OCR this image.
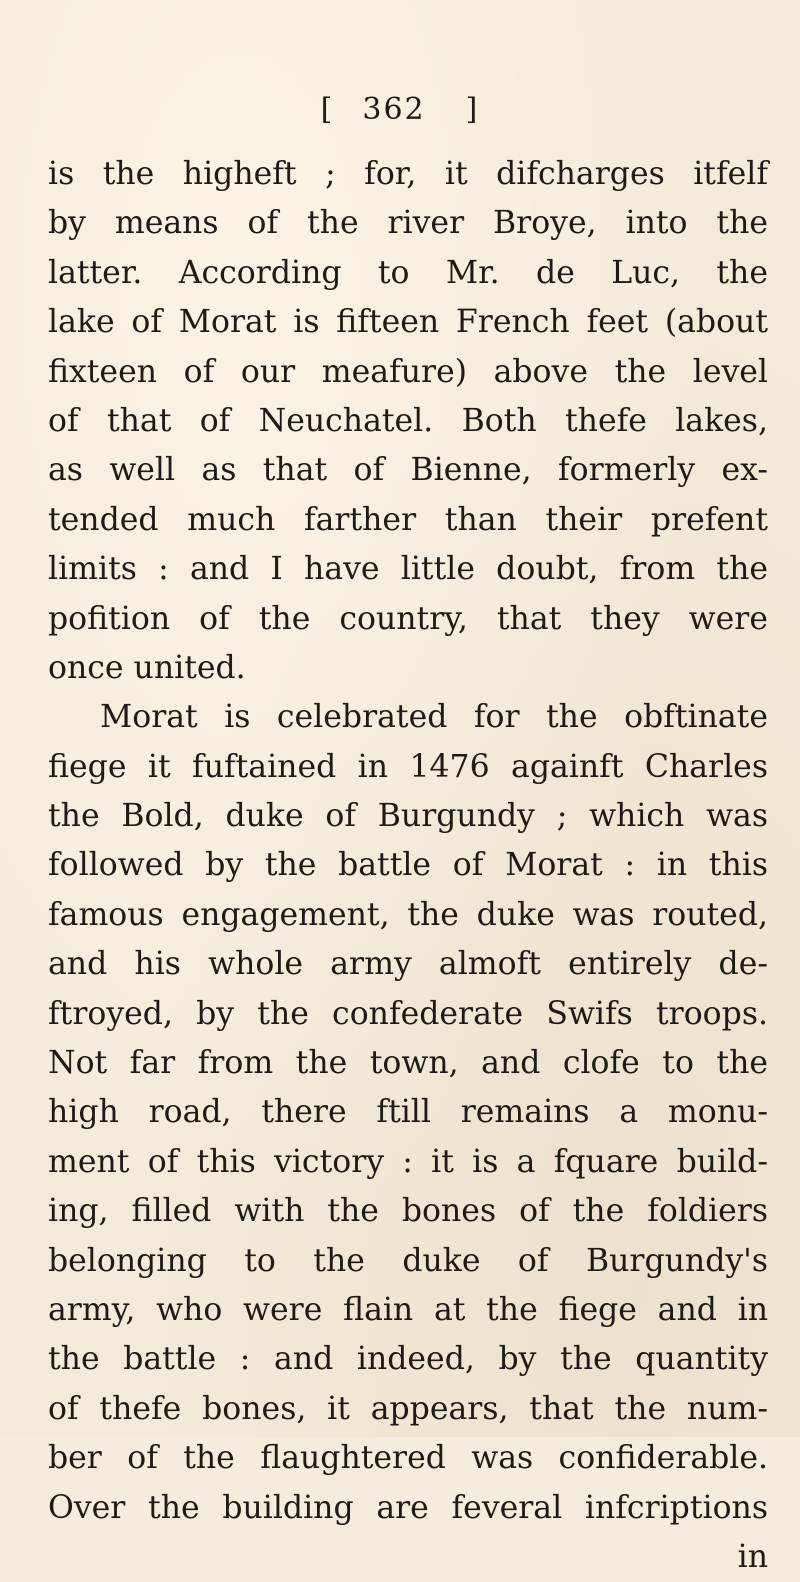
[ 362 ]
is the higheft ; for, it difcharges itfelf
by means of the river Broye, into the
latter. According to Mr. de Luc, the
lake of Morat is fifteen French feet (about
fixteen of our meafure) above the level
of that of Neuchatel. Both thefe lakes,
as well as that of Bienne, formerly ex-
tended much farther than their prefent
limits : and I have little doubt, from the
pofition of the country, that they were
once united.
Morat is celebrated for the obftinate
fiege it fuftained in 1476 againft Charles
the Bold, duke of Burgundy ; which was
followed by the battle of Morat : in this
famous engagement, the duke was routed,
and his whole army almoft entirely de-
ftroyed, by the confederate Swifs troops.
Not far from the town, and clofe to the
high road, there ftill remains a monu-
ment of this victory : it is a fquare build-
ing, filled with the bones of the foldiers
belonging to the duke of Burgundy's
army, who were flain at the fiege and in
the battle : and indeed, by the quantity
of thefe bones, it appears, that the num-
ber of the flaughtered was confiderable.
Over the building are feveral infcriptions
in
